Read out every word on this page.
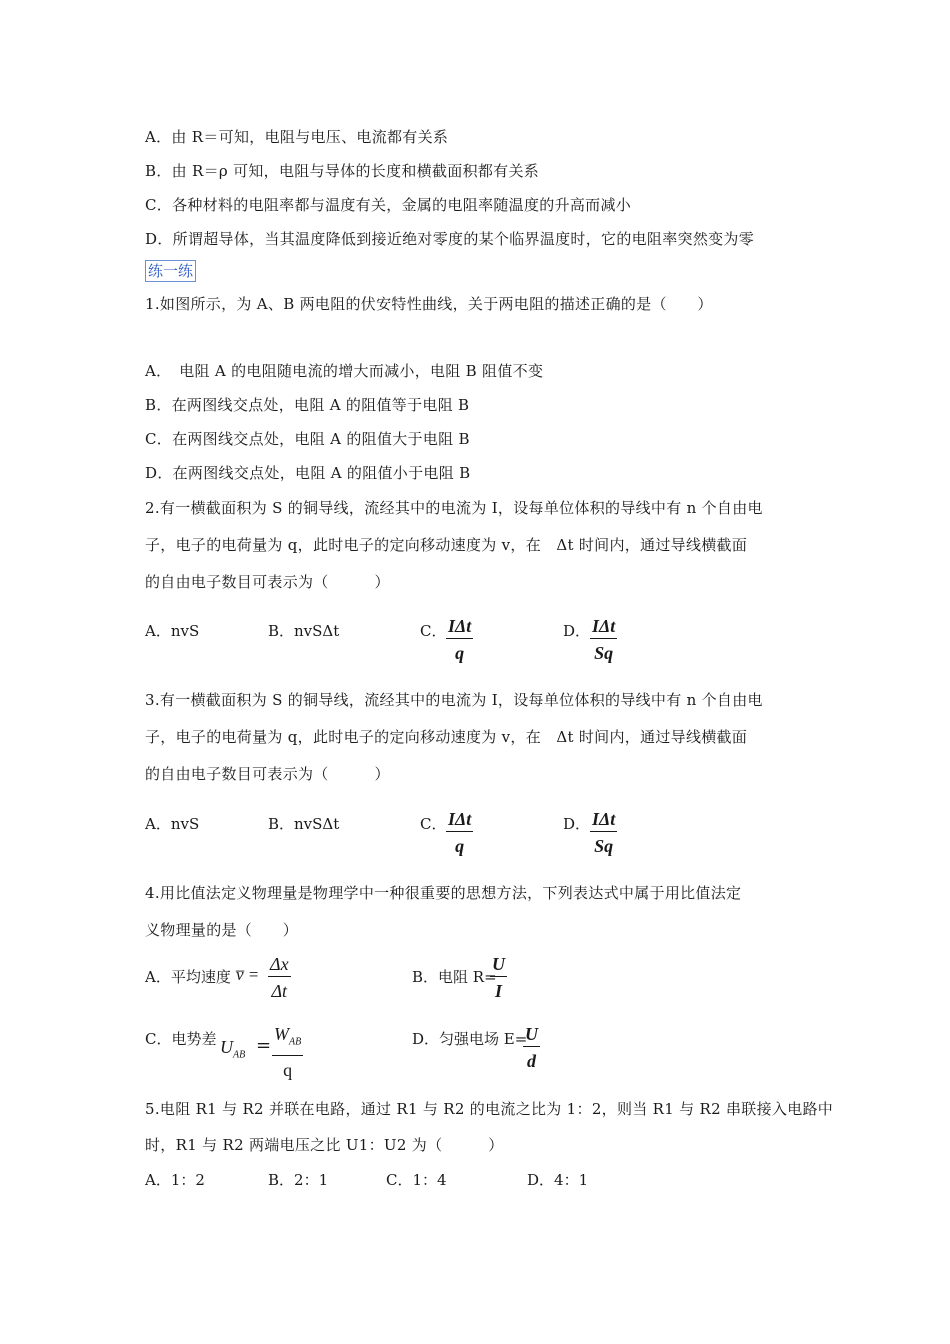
A．由 R＝可知，电阻与电压、电流都有关系
B．由 R＝ρ 可知，电阻与导体的长度和横截面积都有关系
C．各种材料的电阻率都与温度有关，金属的电阻率随温度的升高而减小
D．所谓超导体，当其温度降低到接近绝对零度的某个临界温度时，它的电阻率突然变为零
练一练
1.如图所示，为 A、B 两电阻的伏安特性曲线，关于两电阻的描述正确的是（　　）
A．　电阻 A 的电阻随电流的增大而减小，电阻 B 阻值不变
B．在两图线交点处，电阻 A 的阻值等于电阻 B
C．在两图线交点处，电阻 A 的阻值大于电阻 B
D．在两图线交点处，电阻 A 的阻值小于电阻 B
2.有一横截面积为 S 的铜导线，流经其中的电流为 I，设每单位体积的导线中有 n 个自由电
子，电子的电荷量为 q，此时电子的定向移动速度为 v，在　Δt 时间内，通过导线横截面
的自由电子数目可表示为（　　　）
A．nvS	B．nvSΔt	C． IΔt
q
D． IΔt
Sq
3.有一横截面积为 S 的铜导线，流经其中的电流为 I，设每单位体积的导线中有 n 个自由电
子，电子的电荷量为 q，此时电子的定向移动速度为 v，在　Δt 时间内，通过导线横截面
的自由电子数目可表示为（　　　）
A．nvS	B．nvSΔt	C． IΔt
q
D． IΔt
Sq
4.用比值法定义物理量是物理学中一种很重要的思想方法，下列表达式中属于用比值法定
义物理量的是（　　）
A．平均速度 v̅ = $\frac{\Delta x}{\Delta t}$	B．电阻 R=
$\frac{U}{I}$
C．电势差 $U_{AB}$ =
$W_{AB}$
q
D．匀强电场 E=
$\frac{U}{d}$
5.电阻 R1 与 R2 并联在电路，通过 R1 与 R2 的电流之比为 1：2，则当 R1 与 R2 串联接入电路中
时，R1 与 R2 两端电压之比 U1：U2 为（　　　）
A．1：2	B．2：1	C．1：4	D．4：1
